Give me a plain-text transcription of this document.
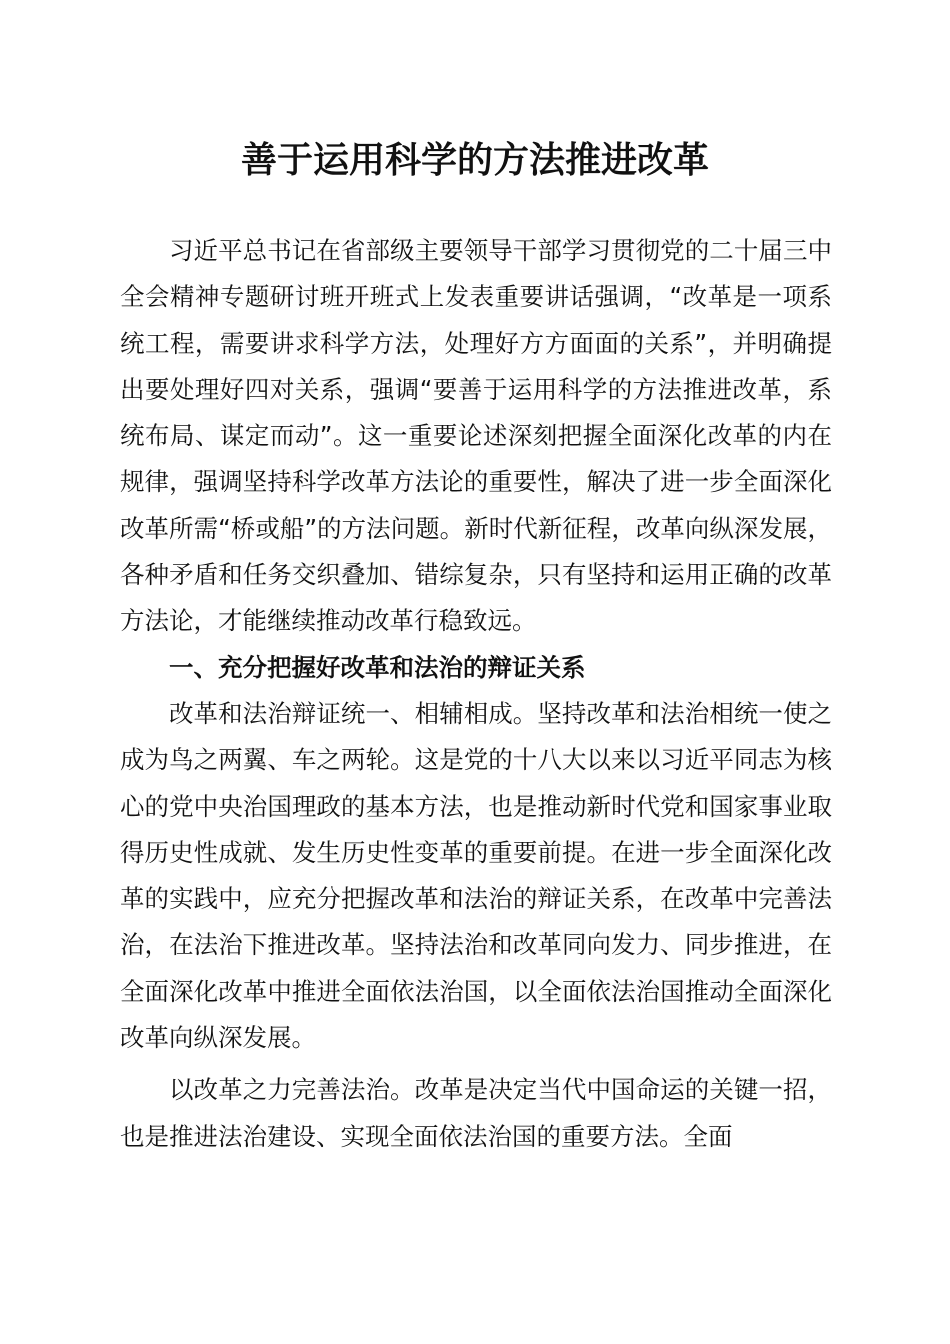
善于运用科学的方法推进改革

习近平总书记在省部级主要领导干部学习贯彻党的二十届三中全会精神专题研讨班开班式上发表重要讲话强调，“改革是一项系统工程，需要讲求科学方法，处理好方方面面的关系”，并明确提出要处理好四对关系，强调“要善于运用科学的方法推进改革，系统布局、谋定而动”。这一重要论述深刻把握全面深化改革的内在规律，强调坚持科学改革方法论的重要性，解决了进一步全面深化改革所需“桥或船”的方法问题。新时代新征程，改革向纵深发展，各种矛盾和任务交织叠加、错综复杂，只有坚持和运用正确的改革方法论，才能继续推动改革行稳致远。

一、充分把握好改革和法治的辩证关系

改革和法治辩证统一、相辅相成。坚持改革和法治相统一使之成为鸟之两翼、车之两轮。这是党的十八大以来以习近平同志为核心的党中央治国理政的基本方法，也是推动新时代党和国家事业取得历史性成就、发生历史性变革的重要前提。在进一步全面深化改革的实践中，应充分把握改革和法治的辩证关系，在改革中完善法治，在法治下推进改革。坚持法治和改革同向发力、同步推进，在全面深化改革中推进全面依法治国，以全面依法治国推动全面深化改革向纵深发展。

以改革之力完善法治。改革是决定当代中国命运的关键一招，也是推进法治建设、实现全面依法治国的重要方法。全面
